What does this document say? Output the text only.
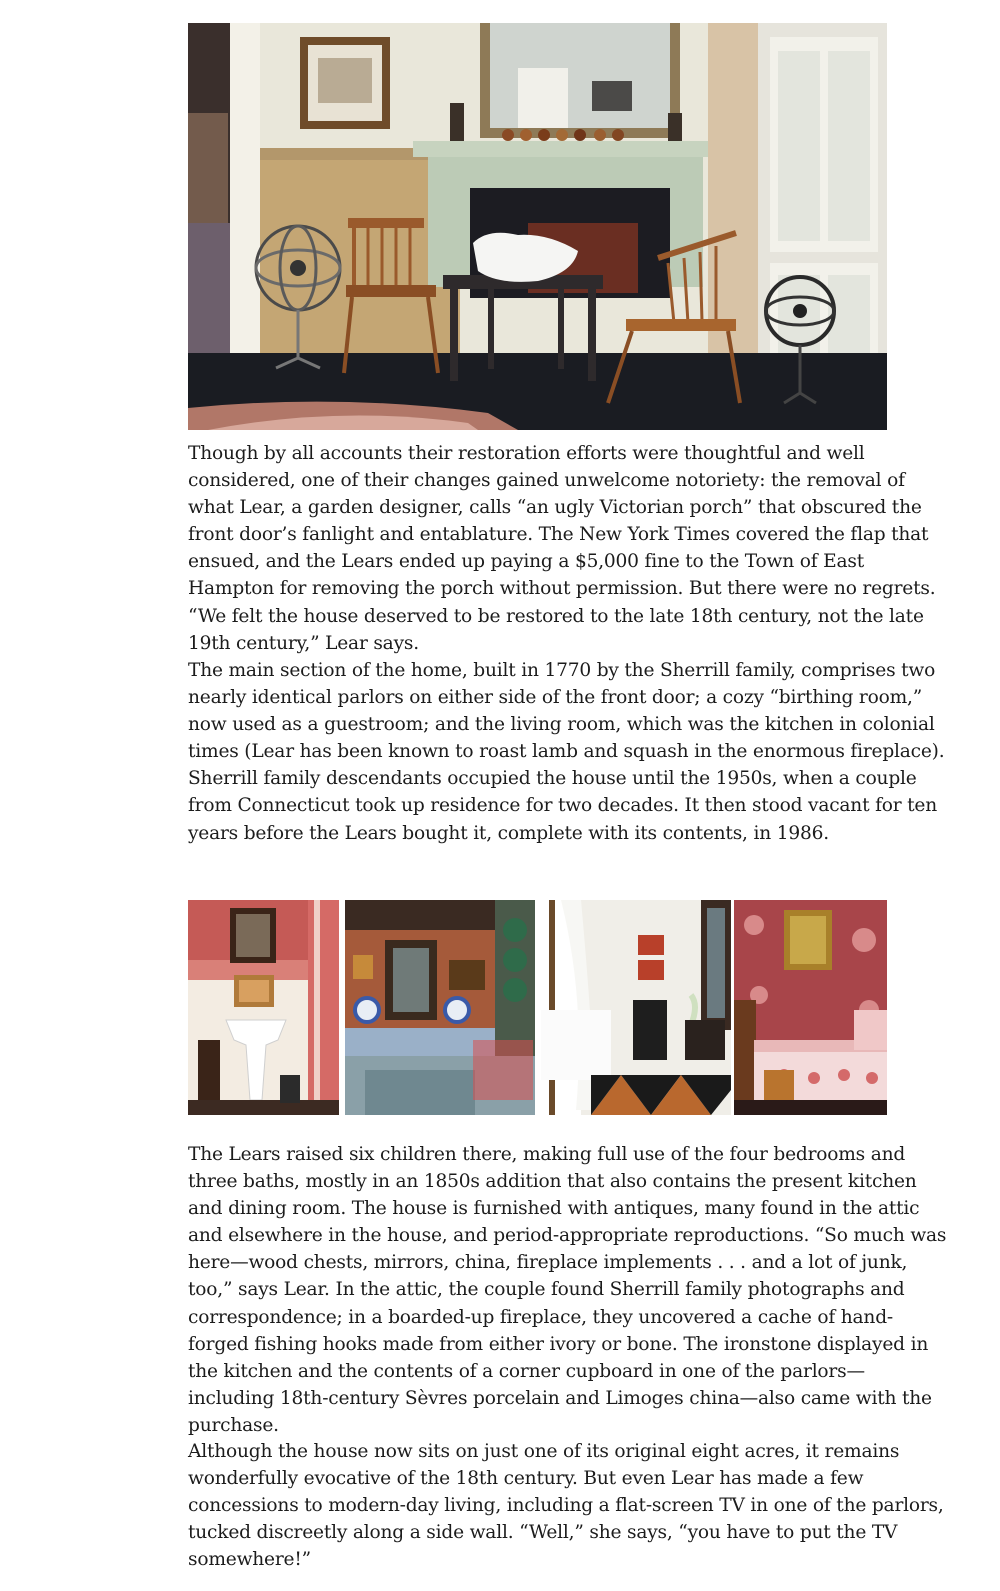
Though by all accounts their restoration efforts were thoughtful and well considered, one of their changes gained unwelcome notoriety: the removal of what Lear, a garden designer, calls “an ugly Victorian porch” that obscured the front door’s fanlight and entablature. The New York Times covered the flap that ensued, and the Lears ended up paying a $5,000 fine to the Town of East Hampton for removing the porch without permission. But there were no regrets. “We felt the house deserved to be restored to the late 18th century, not the late 19th century,” Lear says.

The main section of the home, built in 1770 by the Sherrill family, comprises two nearly identical parlors on either side of the front door; a cozy “birthing room,” now used as a guestroom; and the living room, which was the kitchen in colonial times (Lear has been known to roast lamb and squash in the enormous fireplace). Sherrill family descendants occupied the house until the 1950s, when a couple from Connecticut took up residence for two decades. It then stood vacant for ten years before the Lears bought it, complete with its contents, in 1986.

The Lears raised six children there, making full use of the four bedrooms and three baths, mostly in an 1850s addition that also contains the present kitchen and dining room. The house is furnished with antiques, many found in the attic and elsewhere in the house, and period-appropriate reproductions. “So much was here—wood chests, mirrors, china, fireplace implements . . . and a lot of junk, too,” says Lear. In the attic, the couple found Sherrill family photographs and correspondence; in a boarded-up fireplace, they uncovered a cache of hand-forged fishing hooks made from either ivory or bone. The ironstone displayed in the kitchen and the contents of a corner cupboard in one of the parlors—including 18th-century Sèvres porcelain and Limoges china—also came with the purchase.

Although the house now sits on just one of its original eight acres, it remains wonderfully evocative of the 18th century. But even Lear has made a few concessions to modern-day living, including a flat-screen TV in one of the parlors, tucked discreetly along a side wall. “Well,” she says, “you have to put the TV somewhere!”
